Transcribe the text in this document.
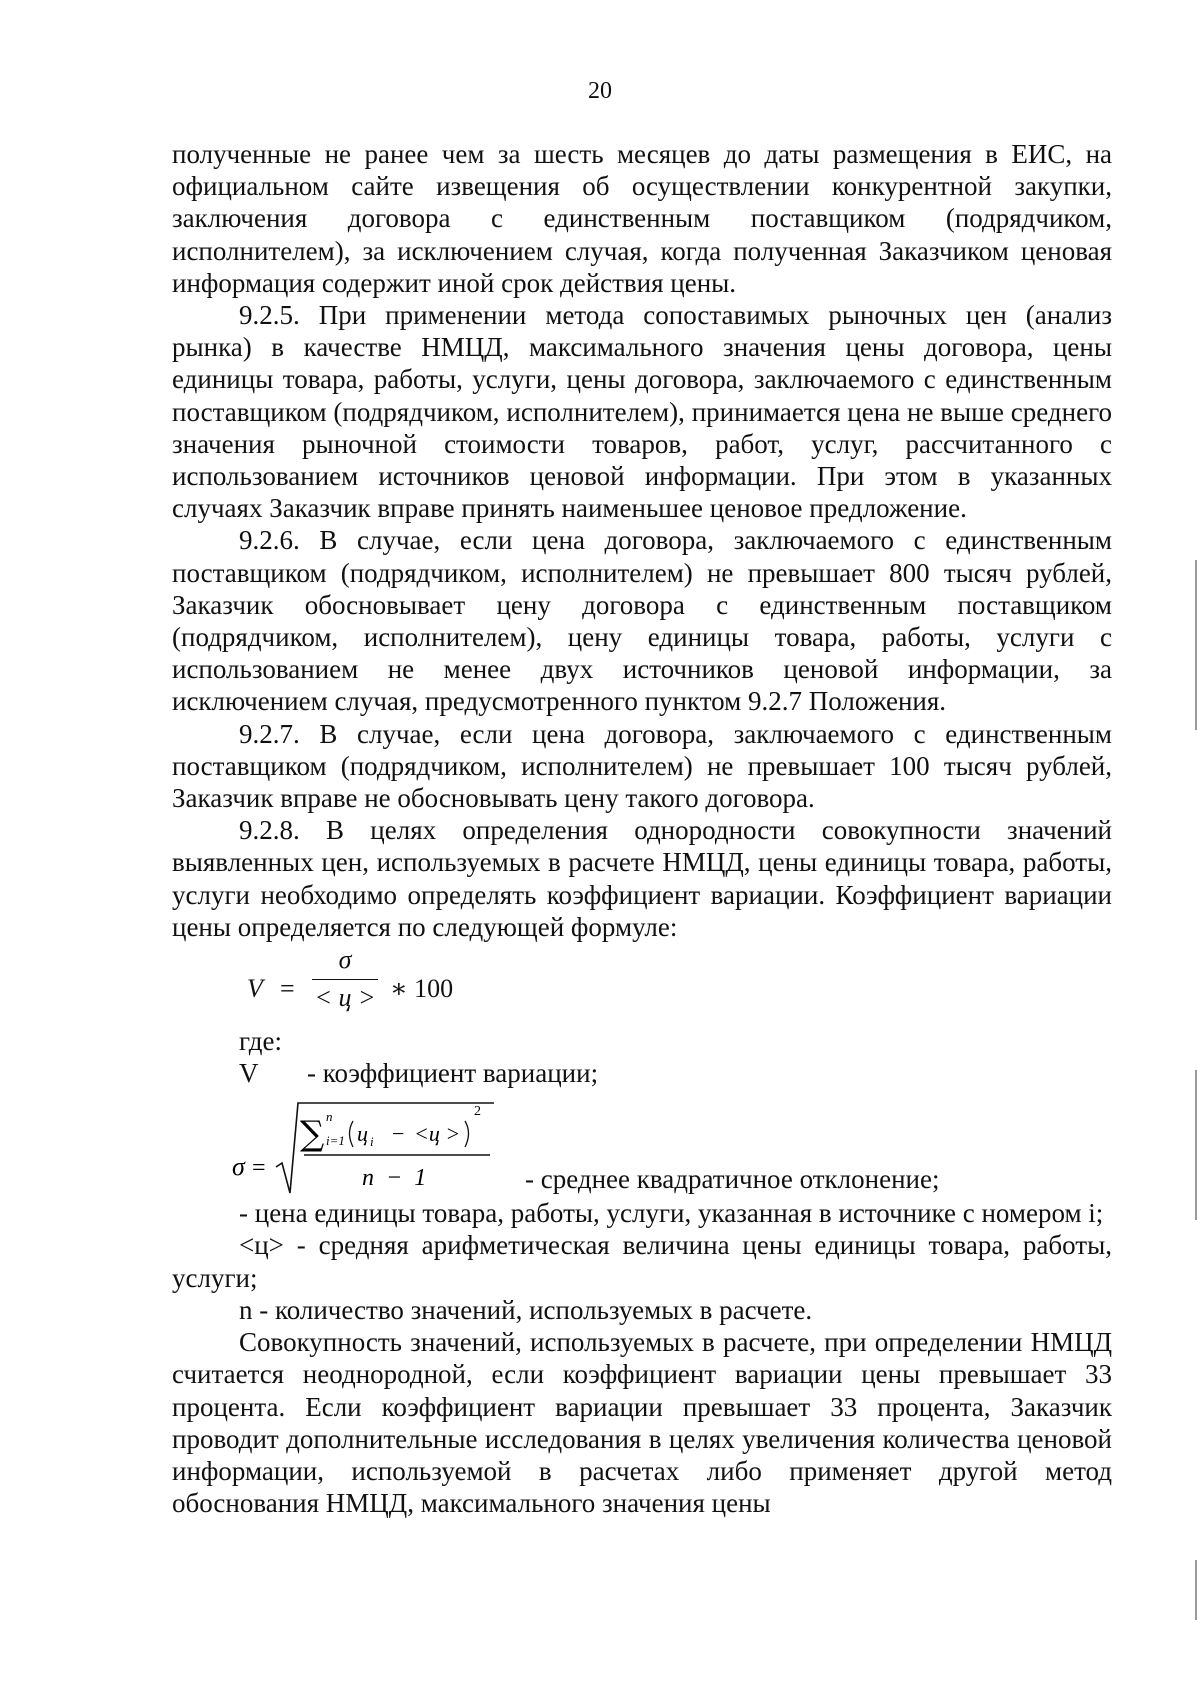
20

полученные не ранее чем за шесть месяцев до даты размещения в ЕИС, на официальном сайте извещения об осуществлении конкурентной закупки, заключения договора с единственным поставщиком (подрядчиком, исполнителем), за исключением случая, когда полученная Заказчиком ценовая информация содержит иной срок действия цены.

9.2.5. При применении метода сопоставимых рыночных цен (анализ рынка) в качестве НМЦД, максимального значения цены договора, цены единицы товара, работы, услуги, цены договора, заключаемого с единственным поставщиком (подрядчиком, исполнителем), принимается цена не выше среднего значения рыночной стоимости товаров, работ, услуг, рассчитанного с использованием источников ценовой информации. При этом в указанных случаях Заказчик вправе принять наименьшее ценовое предложение.

9.2.6. В случае, если цена договора, заключаемого с единственным поставщиком (подрядчиком, исполнителем) не превышает 800 тысяч рублей, Заказчик обосновывает цену договора с единственным поставщиком (подрядчиком, исполнителем), цену единицы товара, работы, услуги с использованием не менее двух источников ценовой информации, за исключением случая, предусмотренного пунктом 9.2.7 Положения.

9.2.7. В случае, если цена договора, заключаемого с единственным поставщиком (подрядчиком, исполнителем) не превышает 100 тысяч рублей, Заказчик вправе не обосновывать цену такого договора.

9.2.8. В целях определения однородности совокупности значений выявленных цен, используемых в расчете НМЦД, цены единицы товара, работы, услуги необходимо определять коэффициент вариации. Коэффициент вариации цены определяется по следующей формуле:

V =
σ
< ц > ∗ 100
где:
V - коэффициент вариации;
σ =
∑ n
i=1 ц i − <ц >
2
n  −  1	- среднее квадратичное отклонение;

- цена единицы товара, работы, услуги, указанная в источнике с номером i;

<ц> - средняя арифметическая величина цены единицы товара, работы, услуги;

n - количество значений, используемых в расчете.

Совокупность значений, используемых в расчете, при определении НМЦД считается неоднородной, если коэффициент вариации цены превышает 33 процента. Если коэффициент вариации превышает 33 процента, Заказчик проводит дополнительные исследования в целях увеличения количества ценовой информации, используемой в расчетах либо применяет другой метод обоснования НМЦД, максимального значения цены
